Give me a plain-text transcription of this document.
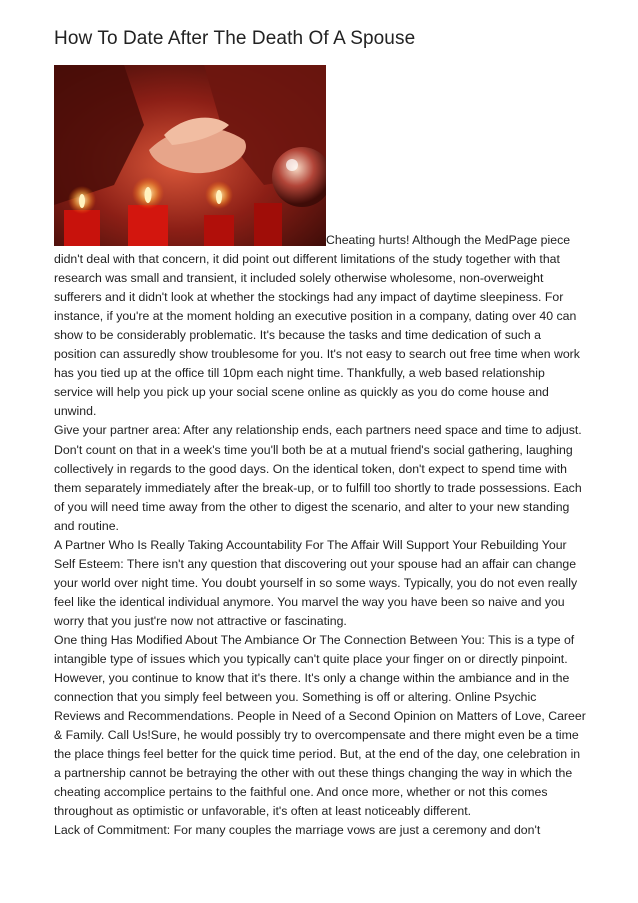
How To Date After The Death Of A Spouse

Cheating hurts! Although the MedPage piece didn't deal with that concern, it did point out different limitations of the study together with that research was small and transient, it included solely otherwise wholesome, non-overweight sufferers and it didn't look at whether the stockings had any impact of daytime sleepiness. For instance, if you're at the moment holding an executive position in a company, dating over 40 can show to be considerably problematic. It's because the tasks and time dedication of such a position can assuredly show troublesome for you. It's not easy to search out free time when work has you tied up at the office till 10pm each night time. Thankfully, a web based relationship service will help you pick up your social scene online as quickly as you do come house and unwind.

Give your partner area: After any relationship ends, each partners need space and time to adjust. Don't count on that in a week's time you'll both be at a mutual friend's social gathering, laughing collectively in regards to the good days. On the identical token, don't expect to spend time with them separately immediately after the break-up, or to fulfill too shortly to trade possessions. Each of you will need time away from the other to digest the scenario, and alter to your new standing and routine.

A Partner Who Is Really Taking Accountability For The Affair Will Support Your Rebuilding Your Self Esteem: There isn't any question that discovering out your spouse had an affair can change your world over night time. You doubt yourself in so some ways. Typically, you do not even really feel like the identical individual anymore. You marvel the way you have been so naive and you worry that you just're now not attractive or fascinating.

One thing Has Modified About The Ambiance Or The Connection Between You: This is a type of intangible type of issues which you typically can't quite place your finger on or directly pinpoint. However, you continue to know that it's there. It's only a change within the ambiance and in the connection that you simply feel between you. Something is off or altering. Online Psychic Reviews and Recommendations. People in Need of a Second Opinion on Matters of Love, Career & Family. Call Us!Sure, he would possibly try to overcompensate and there might even be a time the place things feel better for the quick time period. But, at the end of the day, one celebration in a partnership cannot be betraying the other with out these things changing the way in which the cheating accomplice pertains to the faithful one. And once more, whether or not this comes throughout as optimistic or unfavorable, it's often at least noticeably different.

Lack of Commitment: For many couples the marriage vows are just a ceremony and don't
